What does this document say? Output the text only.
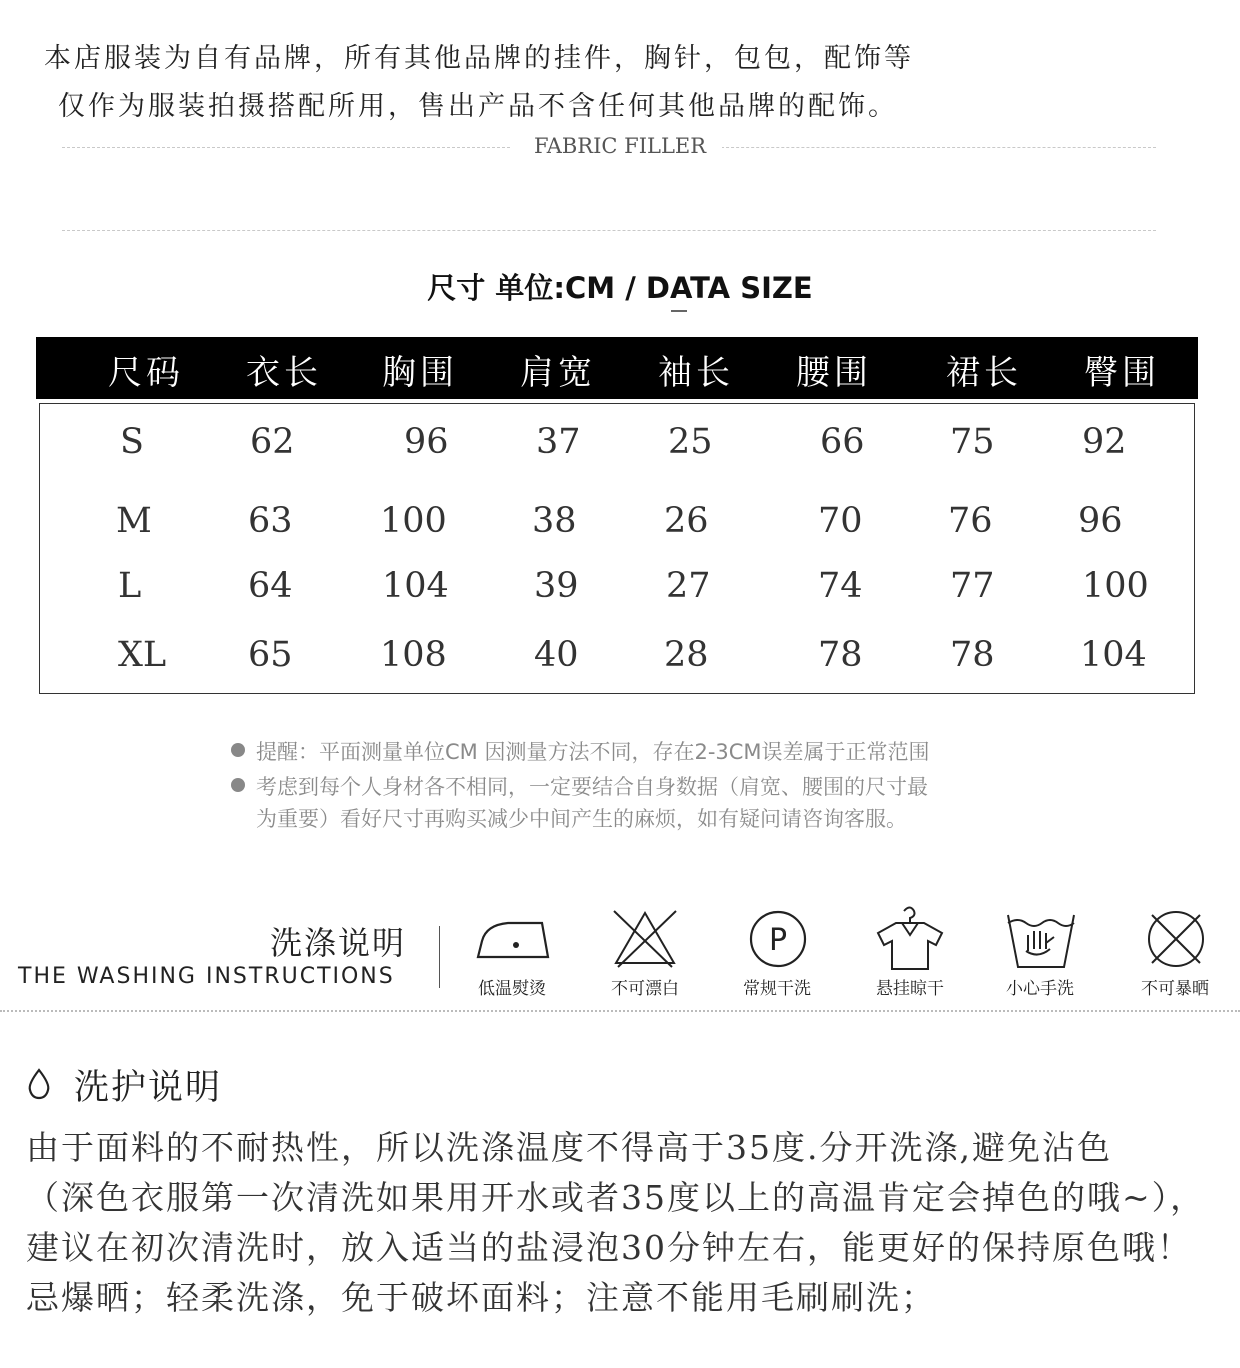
本店服装为自有品牌，所有其他品牌的挂件，胸针，包包，配饰等
仅作为服装拍摄搭配所用，售出产品不含任何其他品牌的配饰。
FABRIC FILLER
尺寸 单位:CM / DATA SIZE
尺码 衣长 胸围 肩宽 袖长 腰围 裙长 臀围
S	62	96 37 25	66 75 92
M	63 100 38 26	70 76 96
L	64	104 39 27	74 77 100
XL 65 108 40 28	78 78 104
提醒：平面测量单位CM 因测量方法不同，存在2-3CM误差属于正常范围
考虑到每个人身材各不相同，一定要结合自身数据（肩宽、腰围的尺寸最
为重要）看好尺寸再购买减少中间产生的麻烦，如有疑问请咨询客服。
洗涤说明
THE WASHING INSTRUCTIONS	低温熨烫	不可漂白
P
常规干洗	悬挂晾干	小心手洗	不可暴晒
洗护说明
由于面料的不耐热性，所以洗涤温度不得高于35度.分开洗涤,避免沾色
（深色衣服第一次清洗如果用开水或者35度以上的高温肯定会掉色的哦~），
建议在初次清洗时，放入适当的盐浸泡30分钟左右，能更好的保持原色哦！
忌爆晒；轻柔洗涤，免于破坏面料；注意不能用毛刷刷洗；
